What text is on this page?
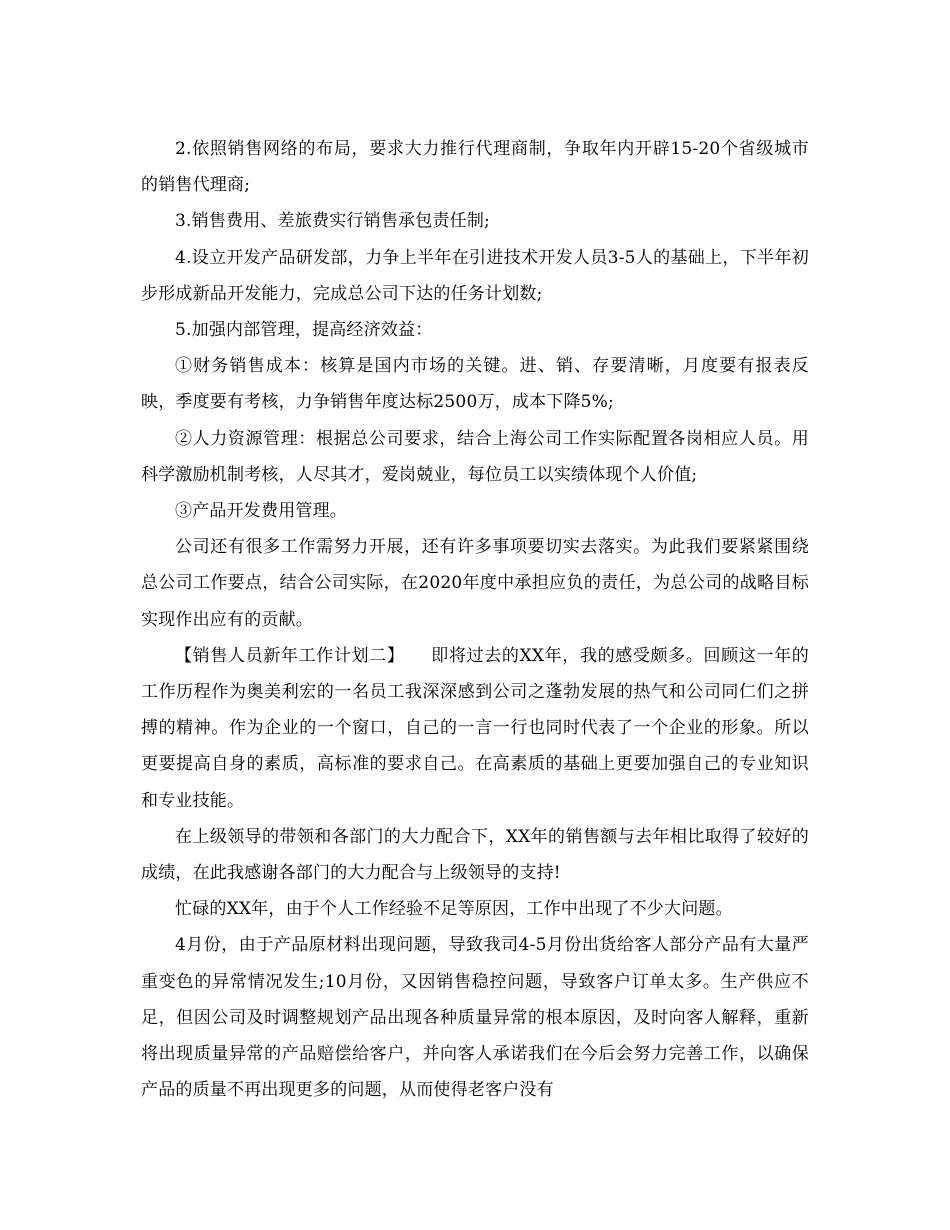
2.依照销售网络的布局，要求大力推行代理商制，争取年内开辟15-20个省级城市的销售代理商;

3.销售费用、差旅费实行销售承包责任制;

4.设立开发产品研发部，力争上半年在引进技术开发人员3-5人的基础上，下半年初步形成新品开发能力，完成总公司下达的任务计划数;

5.加强内部管理，提高经济效益：

①财务销售成本：核算是国内市场的关键。进、销、存要清晰，月度要有报表反映，季度要有考核，力争销售年度达标2500万，成本下降5%;

②人力资源管理：根据总公司要求，结合上海公司工作实际配置各岗相应人员。用科学激励机制考核，人尽其才，爱岗兢业，每位员工以实绩体现个人价值;

③产品开发费用管理。

公司还有很多工作需努力开展，还有许多事项要切实去落实。为此我们要紧紧围绕总公司工作要点，结合公司实际，在2020年度中承担应负的责任，为总公司的战略目标实现作出应有的贡献。

【销售人员新年工作计划二】　　即将过去的XX年，我的感受颇多。回顾这一年的工作历程作为奥美利宏的一名员工我深深感到公司之蓬勃发展的热气和公司同仁们之拼搏的精神。作为企业的一个窗口，自己的一言一行也同时代表了一个企业的形象。所以更要提高自身的素质，高标准的要求自己。在高素质的基础上更要加强自己的专业知识和专业技能。

在上级领导的带领和各部门的大力配合下，XX年的销售额与去年相比取得了较好的成绩，在此我感谢各部门的大力配合与上级领导的支持!

忙碌的XX年，由于个人工作经验不足等原因，工作中出现了不少大问题。

4月份，由于产品原材料出现问题，导致我司4-5月份出货给客人部分产品有大量严重变色的异常情况发生;10月份，又因销售稳控问题，导致客户订单太多。生产供应不足，但因公司及时调整规划产品出现各种质量异常的根本原因，及时向客人解释，重新将出现质量异常的产品赔偿给客户，并向客人承诺我们在今后会努力完善工作，以确保产品的质量不再出现更多的问题，从而使得老客户没有
